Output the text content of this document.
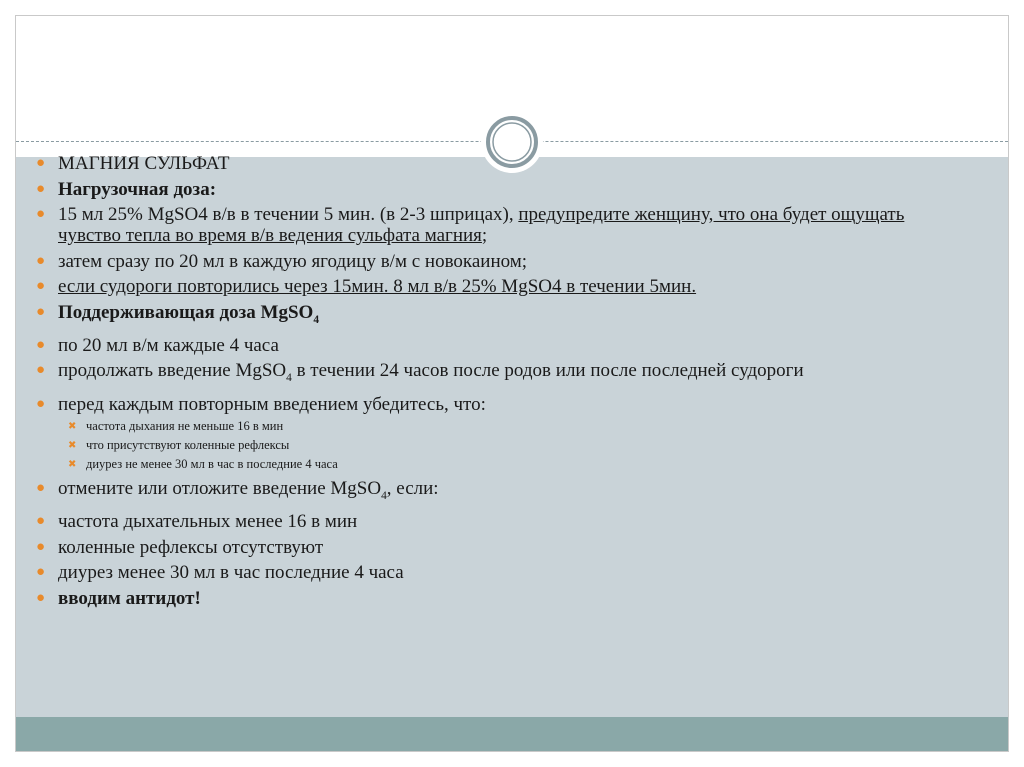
● МАГНИЯ СУЛЬФАТ
● Нагрузочная доза:
● 15 мл 25% MgSO4 в/в в течении 5 мин. (в 2-3 шприцах), предупредите женщину, что она будет ощущать чувство тепла во время в/в ведения сульфата магния;
● затем сразу по 20 мл в каждую ягодицу в/м с новокаином;
● если судороги повторились через 15мин. 8 мл в/в 25% MgSO4 в течении 5мин.
● Поддерживающая доза MgSO$_4$
● по 20 мл в/м каждые 4 часа
● продолжать введение MgSO$_4$ в течении 24 часов после родов или после последней судороги
● перед каждым повторным введением убедитесь, что:
✖ частота дыхания не меньше 16 в мин
✖ что присутствуют коленные рефлексы
✖ диурез не менее 30 мл в час в последние 4 часа
● отмените или отложите введение MgSO$_4$, если:
● частота дыхательных менее 16 в мин
● коленные рефлексы отсутствуют
● диурез менее 30 мл в час последние 4 часа
● вводим антидот!
